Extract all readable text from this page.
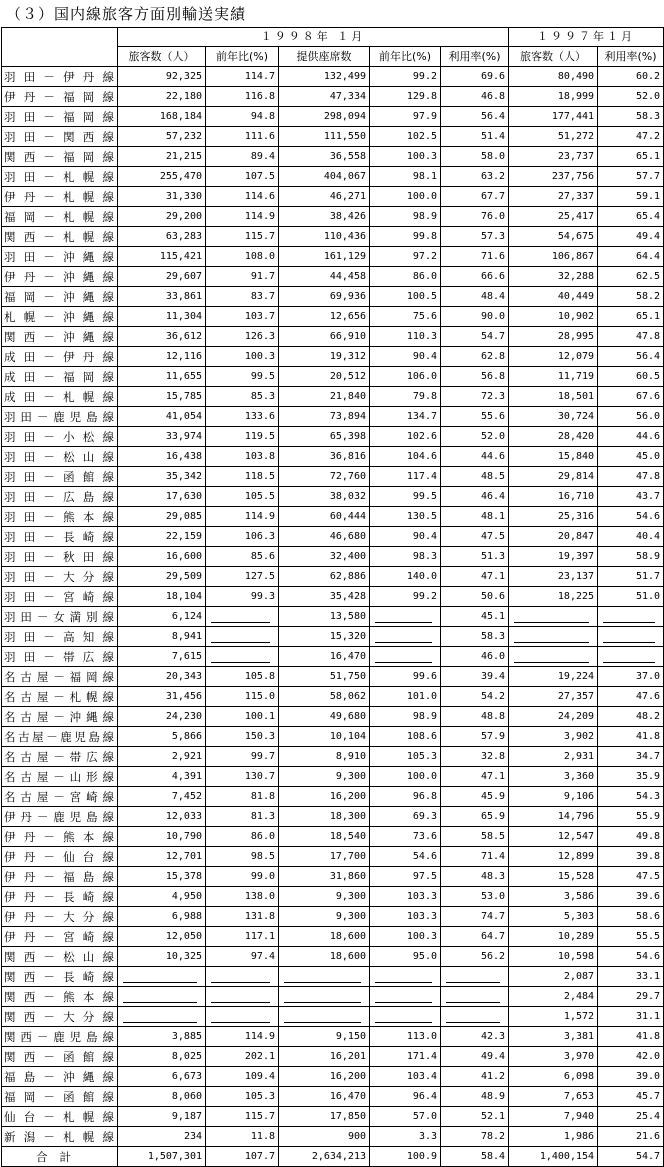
（３）国内線旅客方面別輸送実績
	１９９８年 １月					１９９７年１月	
	旅客数（人）	前年比(%)	提供座席数	前年比(%)	利用率(%)	旅客数（人）	利用率(%)
羽田－伊丹線	92,325	114.7	132,499	99.2	69.6	80,490	60.2
伊丹－福岡線	22,180	116.8	47,334	129.8	46.8	18,999	52.0
羽田－福岡線	168,184	94.8	298,094	97.9	56.4	177,441	58.3
羽田－関西線	57,232	111.6	111,550	102.5	51.4	51,272	47.2
関西－福岡線	21,215	89.4	36,558	100.3	58.0	23,737	65.1
羽田－札幌線	255,470	107.5	404,067	98.1	63.2	237,756	57.7
伊丹－札幌線	31,330	114.6	46,271	100.0	67.7	27,337	59.1
福岡－札幌線	29,200	114.9	38,426	98.9	76.0	25,417	65.4
関西－札幌線	63,283	115.7	110,436	99.8	57.3	54,675	49.4
羽田－沖縄線	115,421	108.0	161,129	97.2	71.6	106,867	64.4
伊丹－沖縄線	29,607	91.7	44,458	86.0	66.6	32,288	62.5
福岡－沖縄線	33,861	83.7	69,936	100.5	48.4	40,449	58.2
札幌－沖縄線	11,304	103.7	12,656	75.6	90.0	10,902	65.1
関西－沖縄線	36,612	126.3	66,910	110.3	54.7	28,995	47.8
成田－伊丹線	12,116	100.3	19,312	90.4	62.8	12,079	56.4
成田－福岡線	11,655	99.5	20,512	106.0	56.8	11,719	60.5
成田－札幌線	15,785	85.3	21,840	79.8	72.3	18,501	67.6
羽田－鹿児島線	41,054	133.6	73,894	134.7	55.6	30,724	56.0
羽田－小松線	33,974	119.5	65,398	102.6	52.0	28,420	44.6
羽田－松山線	16,438	103.8	36,816	104.6	44.6	15,840	45.0
羽田－函館線	35,342	118.5	72,760	117.4	48.5	29,814	47.8
羽田－広島線	17,630	105.5	38,032	99.5	46.4	16,710	43.7
羽田－熊本線	29,085	114.9	60,444	130.5	48.1	25,316	54.6
羽田－長崎線	22,159	106.3	46,680	90.4	47.5	20,847	40.4
羽田－秋田線	16,600	85.6	32,400	98.3	51.3	19,397	58.9
羽田－大分線	29,509	127.5	62,886	140.0	47.1	23,137	51.7
羽田－宮崎線	18,104	99.3	35,428	99.2	50.6	18,225	51.0
羽田－女満別線	6,124		13,580		45.1	

羽田－高知線	8,941		15,320		58.3	

羽田－帯広線	7,615		16,470		46.0	

名古屋－福岡線	20,343	105.8	51,750	99.6	39.4	19,224	37.0
名古屋－札幌線	31,456	115.0	58,062	101.0	54.2	27,357	47.6
名古屋－沖縄線	24,230	100.1	49,680	98.9	48.8	24,209	48.2
名古屋－鹿児島線	5,866	150.3	10,104	108.6	57.9	3,902	41.8
名古屋－帯広線	2,921	99.7	8,910	105.3	32.8	2,931	34.7
名古屋－山形線	4,391	130.7	9,300	100.0	47.1	3,360	35.9
名古屋－宮崎線	7,452	81.8	16,200	96.8	45.9	9,106	54.3
伊丹－鹿児島線	12,033	81.3	18,300	69.3	65.9	14,796	55.9
伊丹－熊本線	10,790	86.0	18,540	73.6	58.5	12,547	49.8
伊丹－仙台線	12,701	98.5	17,700	54.6	71.4	12,899	39.8
伊丹－福島線	15,378	99.0	31,860	97.5	48.3	15,528	47.5
伊丹－長崎線	4,950	138.0	9,300	103.3	53.0	3,586	39.6
伊丹－大分線	6,988	131.8	9,300	103.3	74.7	5,303	58.6
伊丹－宮崎線	12,050	117.1	18,600	100.3	64.7	10,289	55.5
関西－松山線	10,325	97.4	18,600	95.0	56.2	10,598	54.6
関西－長崎線						2,087	33.1
関西－熊本線						2,484	29.7
関西－大分線						1,572	31.1
関西－鹿児島線	3,885	114.9	9,150	113.0	42.3	3,381	41.8
関西－函館線	8,025	202.1	16,201	171.4	49.4	3,970	42.0
福島－沖縄線	6,673	109.4	16,200	103.4	41.2	6,098	39.0
福岡－函館線	8,060	105.3	16,470	96.4	48.9	7,653	45.7
仙台－札幌線	9,187	115.7	17,850	57.0	52.1	7,940	25.4
新潟－札幌線	234	11.8	900	3.3	78.2	1,986	21.6
合計	1,507,301	107.7	2,634,213	100.9	58.4	1,400,154	54.7
